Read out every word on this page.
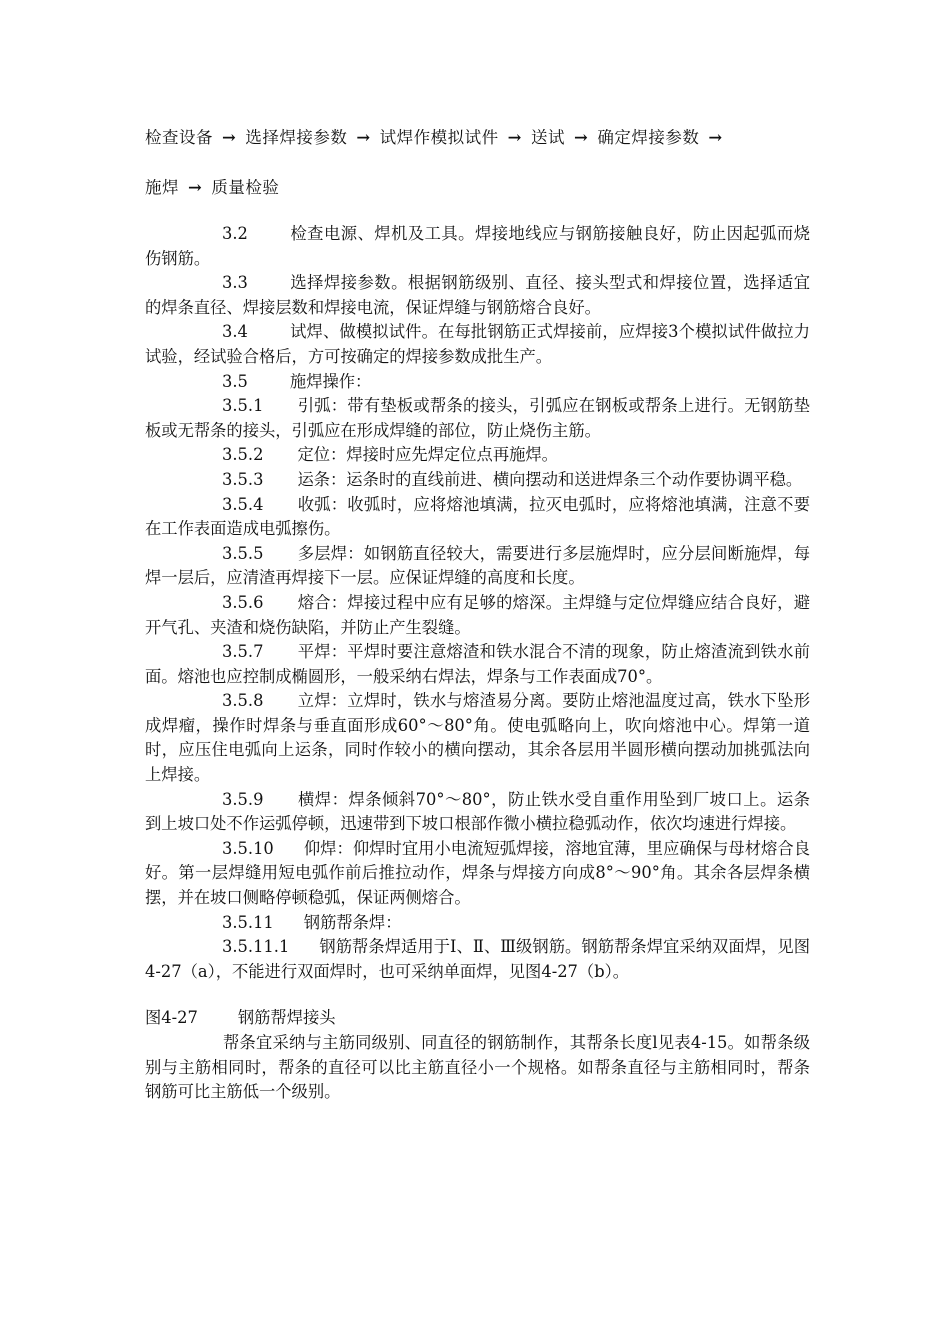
检查设备 → 选择焊接参数 → 试焊作模拟试件 → 送试 → 确定焊接参数 →
施焊 → 质量检验

3.2	检查电源、焊机及工具。焊接地线应与钢筋接触良好，防止因起弧而烧伤钢筋。

3.3	选择焊接参数。根据钢筋级别、直径、接头型式和焊接位置，选择适宜的焊条直径、焊接层数和焊接电流，保证焊缝与钢筋熔合良好。

3.4	试焊、做模拟试件。在每批钢筋正式焊接前，应焊接3个模拟试件做拉力试验，经试验合格后，方可按确定的焊接参数成批生产。

3.5	施焊操作：

3.5.1 引弧：带有垫板或帮条的接头，引弧应在钢板或帮条上进行。无钢筋垫板或无帮条的接头，引弧应在形成焊缝的部位，防止烧伤主筋。

3.5.2 定位：焊接时应先焊定位点再施焊。

3.5.3 运条：运条时的直线前进、横向摆动和送进焊条三个动作要协调平稳。

3.5.4 收弧：收弧时，应将熔池填满，拉灭电弧时，应将熔池填满，注意不要在工作表面造成电弧擦伤。

3.5.5 多层焊：如钢筋直径较大，需要进行多层施焊时，应分层间断施焊，每焊一层后，应清渣再焊接下一层。应保证焊缝的高度和长度。

3.5.6 熔合：焊接过程中应有足够的熔深。主焊缝与定位焊缝应结合良好，避开气孔、夹渣和烧伤缺陷，并防止产生裂缝。

3.5.7 平焊：平焊时要注意熔渣和铁水混合不清的现象，防止熔渣流到铁水前面。熔池也应控制成椭圆形，一般采纳右焊法，焊条与工作表面成70°。

3.5.8 立焊：立焊时，铁水与熔渣易分离。要防止熔池温度过高，铁水下坠形成焊瘤，操作时焊条与垂直面形成60°～80°角。使电弧略向上，吹向熔池中心。焊第一道时，应压住电弧向上运条，同时作较小的横向摆动，其余各层用半圆形横向摆动加挑弧法向上焊接。

3.5.9 横焊：焊条倾斜70°～80°，防止铁水受自重作用坠到厂坡口上。运条到上坡口处不作运弧停顿，迅速带到下坡口根部作微小横拉稳弧动作，依次均速进行焊接。

3.5.10 仰焊：仰焊时宜用小电流短弧焊接，溶地宜薄，里应确保与母材熔合良好。第一层焊缝用短电弧作前后推拉动作，焊条与焊接方向成8°～90°角。其余各层焊条横摆，并在坡口侧略停顿稳弧，保证两侧熔合。

3.5.11 钢筋帮条焊：

3.5.11.1 钢筋帮条焊适用于Ⅰ、Ⅱ、Ⅲ级钢筋。钢筋帮条焊宜采纳双面焊，见图4-27（a），不能进行双面焊时，也可采纳单面焊，见图4-27（b）。

图4-27 钢筋帮焊接头

帮条宜采纳与主筋同级别、同直径的钢筋制作，其帮条长度l见表4-15。如帮条级别与主筋相同时，帮条的直径可以比主筋直径小一个规格。如帮条直径与主筋相同时，帮条钢筋可比主筋低一个级别。
